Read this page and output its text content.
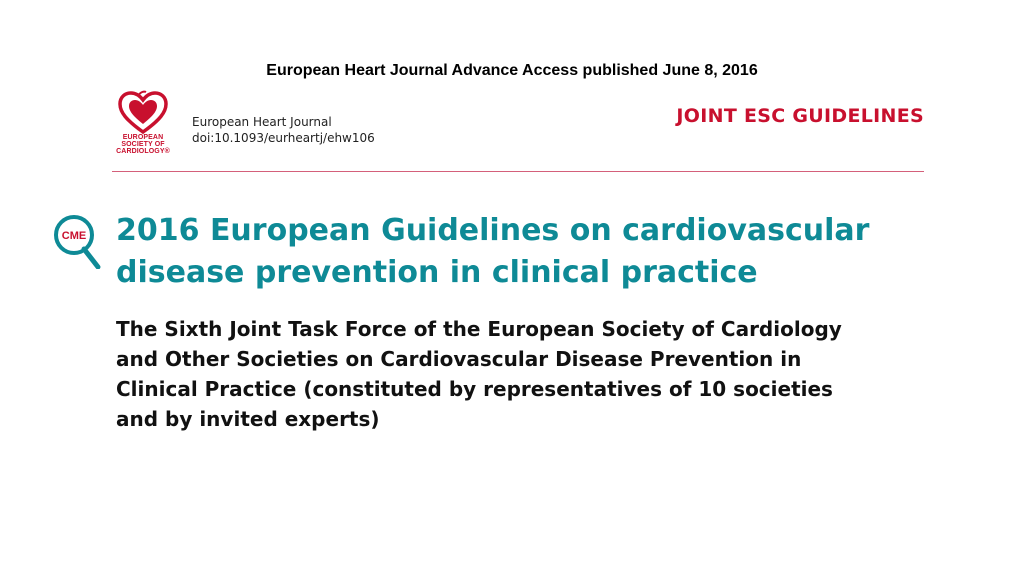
European Heart Journal Advance Access published June 8, 2016
EUROPEAN
SOCIETY OF
CARDIOLOGY®
European Heart Journal
doi:10.1093/eurheartj/ehw106
JOINT ESC GUIDELINES
CME 2016 European Guidelines on cardiovascular
disease prevention in clinical practice
The Sixth Joint Task Force of the European Society of Cardiology
and Other Societies on Cardiovascular Disease Prevention in
Clinical Practice (constituted by representatives of 10 societies
and by invited experts)
